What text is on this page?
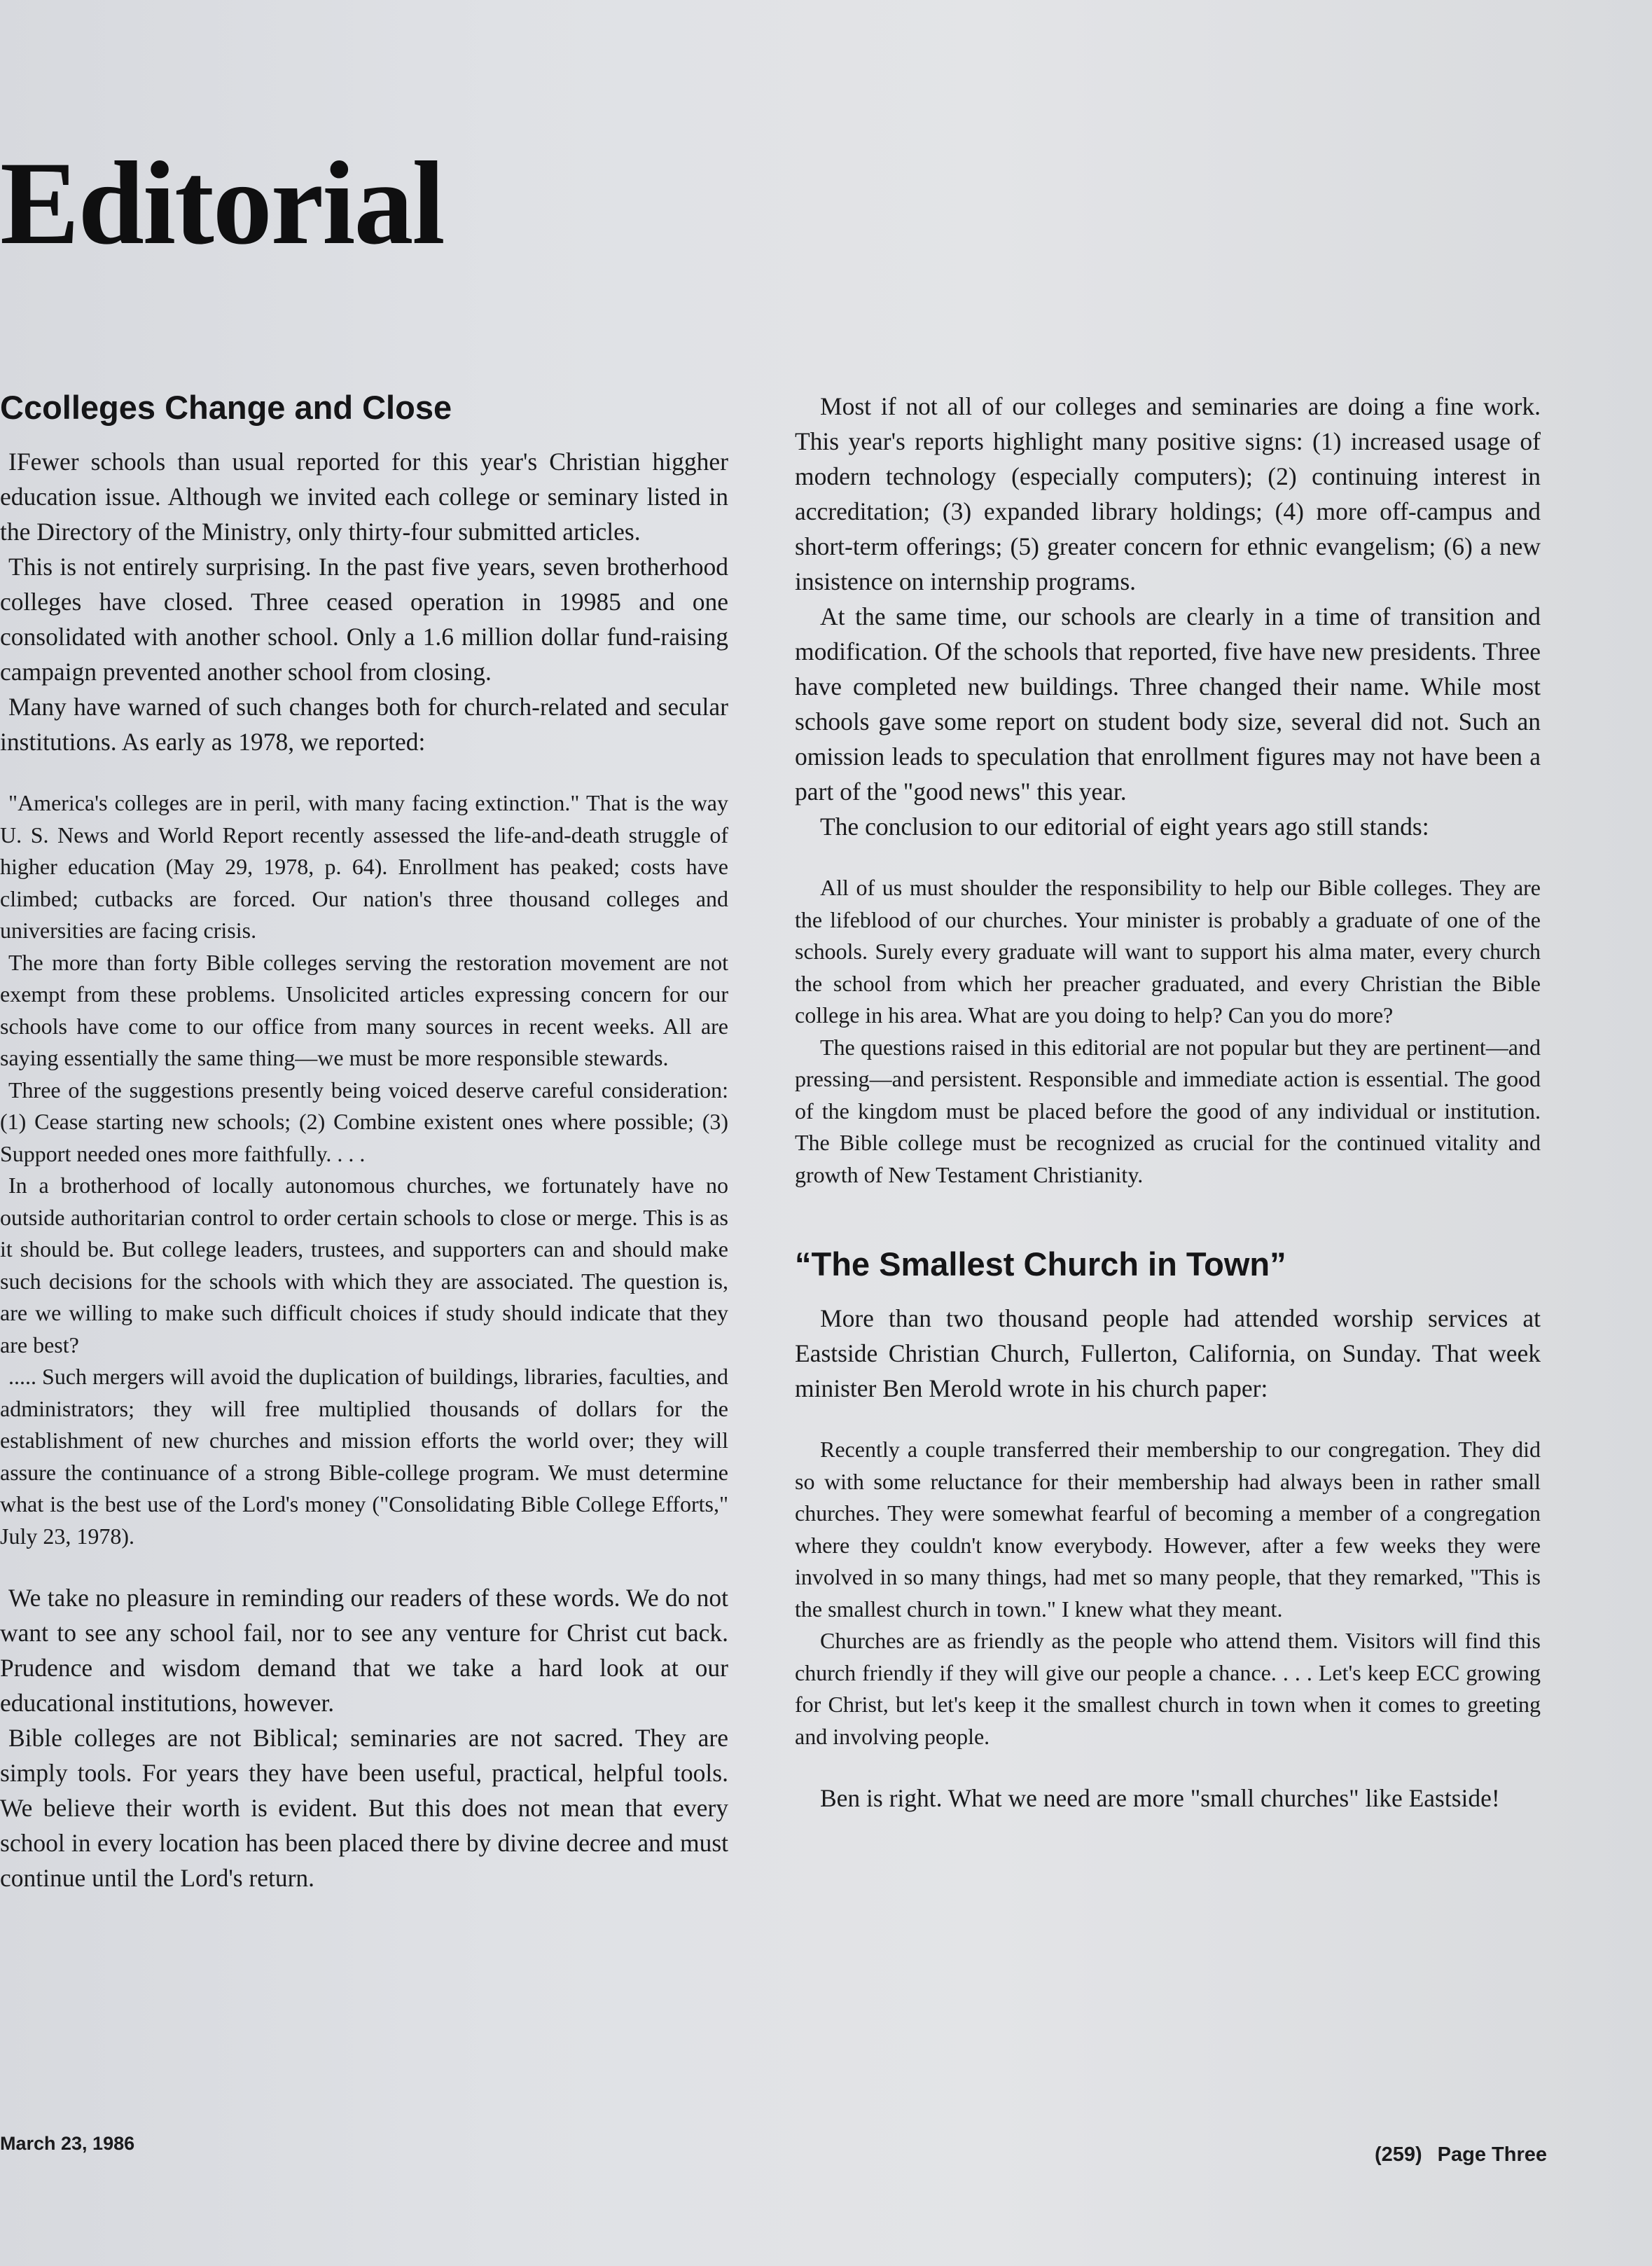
Editorial
Ccolleges Change and Close

IFewer schools than usual reported for this year's Christian higgher education issue. Although we invited each college or seminary listed in the Directory of the Ministry, only thirty-four submitted articles.

This is not entirely surprising. In the past five years, seven brotherhood colleges have closed. Three ceased operation in 19985 and one consolidated with another school. Only a 1.6 million dollar fund-raising campaign prevented another school from closing.

Many have warned of such changes both for church-related and secular institutions. As early as 1978, we reported:

"America's colleges are in peril, with many facing extinction." That is the way U. S. News and World Report recently assessed the life-and-death struggle of higher education (May 29, 1978, p. 64). Enrollment has peaked; costs have climbed; cutbacks are forced. Our nation's three thousand colleges and universities are facing crisis.

The more than forty Bible colleges serving the restoration movement are not exempt from these problems. Unsolicited articles expressing concern for our schools have come to our office from many sources in recent weeks. All are saying essentially the same thing—we must be more responsible stewards.

Three of the suggestions presently being voiced deserve careful consideration: (1) Cease starting new schools; (2) Combine existent ones where possible; (3) Support needed ones more faithfully. . . .

In a brotherhood of locally autonomous churches, we fortunately have no outside authoritarian control to order certain schools to close or merge. This is as it should be. But college leaders, trustees, and supporters can and should make such decisions for the schools with which they are associated. The question is, are we willing to make such difficult choices if study should indicate that they are best?

..... Such mergers will avoid the duplication of buildings, libraries, faculties, and administrators; they will free multiplied thousands of dollars for the establishment of new churches and mission efforts the world over; they will assure the continuance of a strong Bible-college program. We must determine what is the best use of the Lord's money ("Consolidating Bible College Efforts," July 23, 1978).

We take no pleasure in reminding our readers of these words. We do not want to see any school fail, nor to see any venture for Christ cut back. Prudence and wisdom demand that we take a hard look at our educational institutions, however.

Bible colleges are not Biblical; seminaries are not sacred. They are simply tools. For years they have been useful, practical, helpful tools. We believe their worth is evident. But this does not mean that every school in every location has been placed there by divine decree and must continue until the Lord's return.

Most if not all of our colleges and seminaries are doing a fine work. This year's reports highlight many positive signs: (1) increased usage of modern technology (especially computers); (2) continuing interest in accreditation; (3) expanded library holdings; (4) more off-campus and short-term offerings; (5) greater concern for ethnic evangelism; (6) a new insistence on internship programs.

At the same time, our schools are clearly in a time of transition and modification. Of the schools that reported, five have new presidents. Three have completed new buildings. Three changed their name. While most schools gave some report on student body size, several did not. Such an omission leads to speculation that enrollment figures may not have been a part of the "good news" this year.

The conclusion to our editorial of eight years ago still stands:

All of us must shoulder the responsibility to help our Bible colleges. They are the lifeblood of our churches. Your minister is probably a graduate of one of the schools. Surely every graduate will want to support his alma mater, every church the school from which her preacher graduated, and every Christian the Bible college in his area. What are you doing to help? Can you do more?

The questions raised in this editorial are not popular but they are pertinent—and pressing—and persistent. Responsible and immediate action is essential. The good of the kingdom must be placed before the good of any individual or institution. The Bible college must be recognized as crucial for the continued vitality and growth of New Testament Christianity.

“The Smallest Church in Town”

More than two thousand people had attended worship services at Eastside Christian Church, Fullerton, California, on Sunday. That week minister Ben Merold wrote in his church paper:

Recently a couple transferred their membership to our congregation. They did so with some reluctance for their membership had always been in rather small churches. They were somewhat fearful of becoming a member of a congregation where they couldn't know everybody. However, after a few weeks they were involved in so many things, had met so many people, that they remarked, "This is the smallest church in town." I knew what they meant.

Churches are as friendly as the people who attend them. Visitors will find this church friendly if they will give our people a chance. . . . Let's keep ECC growing for Christ, but let's keep it the smallest church in town when it comes to greeting and involving people.

Ben is right. What we need are more "small churches" like Eastside!

March 23, 1986	(259) Page Three
